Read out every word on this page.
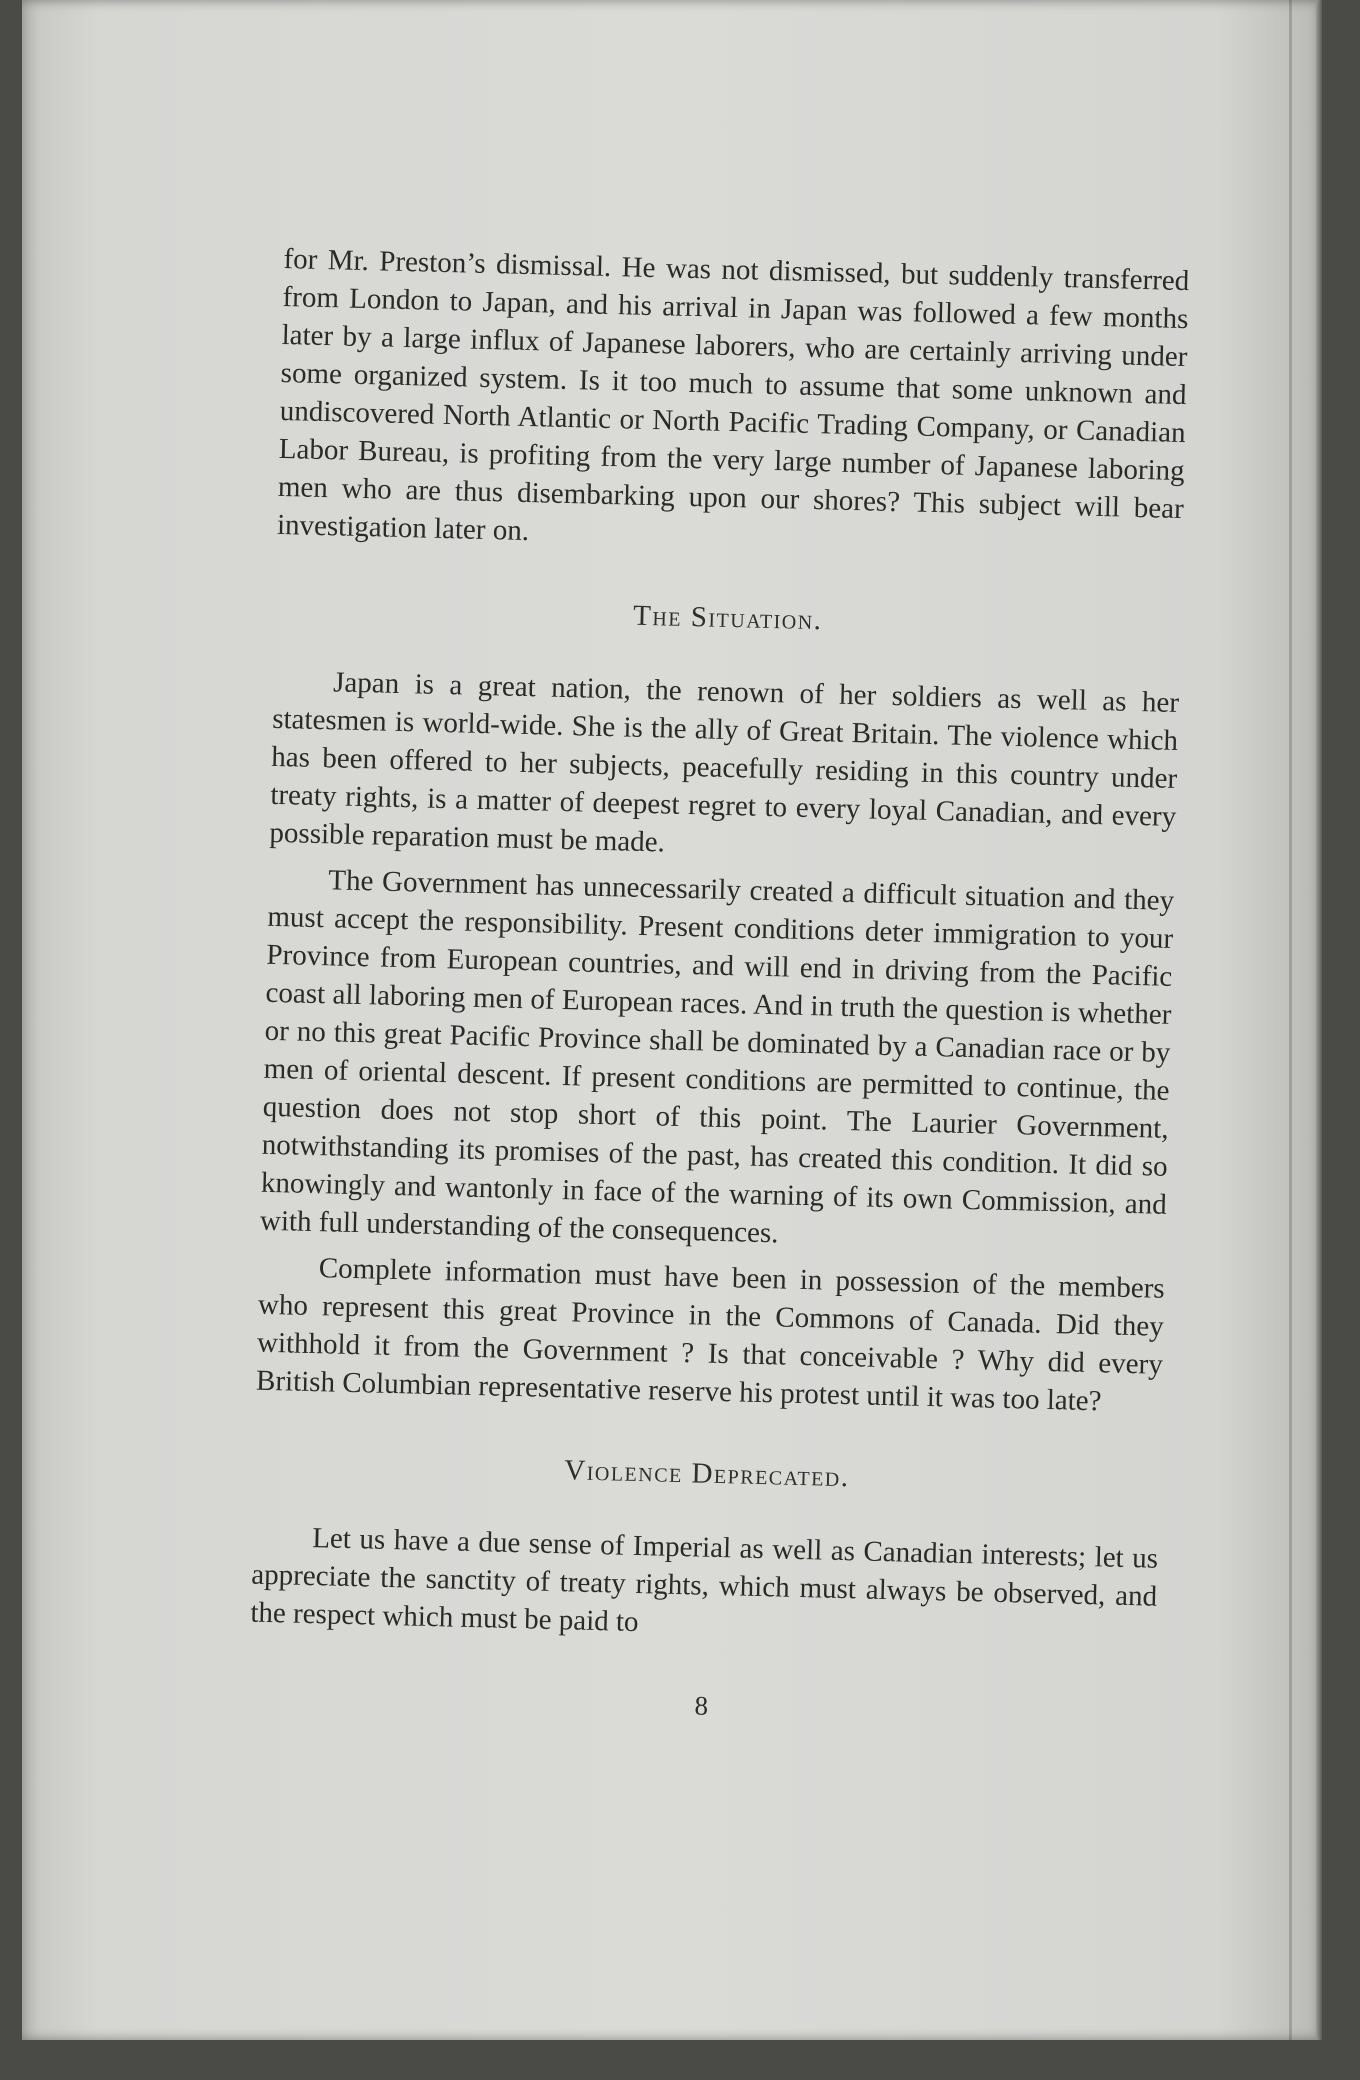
for Mr. Preston’s dismissal. He was not dismissed, but suddenly transferred from London to Japan, and his arrival in Japan was followed a few months later by a large influx of Japanese laborers, who are certainly arriving under some organized system. Is it too much to assume that some unknown and undiscovered North Atlantic or North Pacific Trading Company, or Canadian Labor Bureau, is profiting from the very large number of Japanese laboring men who are thus disembarking upon our shores? This subject will bear investigation later on.

The Situation.

Japan is a great nation, the renown of her soldiers as well as her statesmen is world-wide. She is the ally of Great Britain. The violence which has been offered to her subjects, peacefully residing in this country under treaty rights, is a matter of deepest regret to every loyal Canadian, and every possible reparation must be made.

The Government has unnecessarily created a difficult situation and they must accept the responsibility. Present conditions deter immigration to your Province from European countries, and will end in driving from the Pacific coast all laboring men of European races. And in truth the question is whether or no this great Pacific Province shall be dominated by a Canadian race or by men of oriental descent. If present conditions are permitted to continue, the question does not stop short of this point. The Laurier Government, notwithstanding its promises of the past, has created this condition. It did so knowingly and wantonly in face of the warning of its own Commission, and with full understanding of the consequences.

Complete information must have been in possession of the members who represent this great Province in the Commons of Canada. Did they withhold it from the Government ? Is that conceivable ? Why did every British Columbian representative reserve his protest until it was too late?

Violence Deprecated.

Let us have a due sense of Imperial as well as Canadian interests; let us appreciate the sanctity of treaty rights, which must always be observed, and the respect which must be paid to

8
